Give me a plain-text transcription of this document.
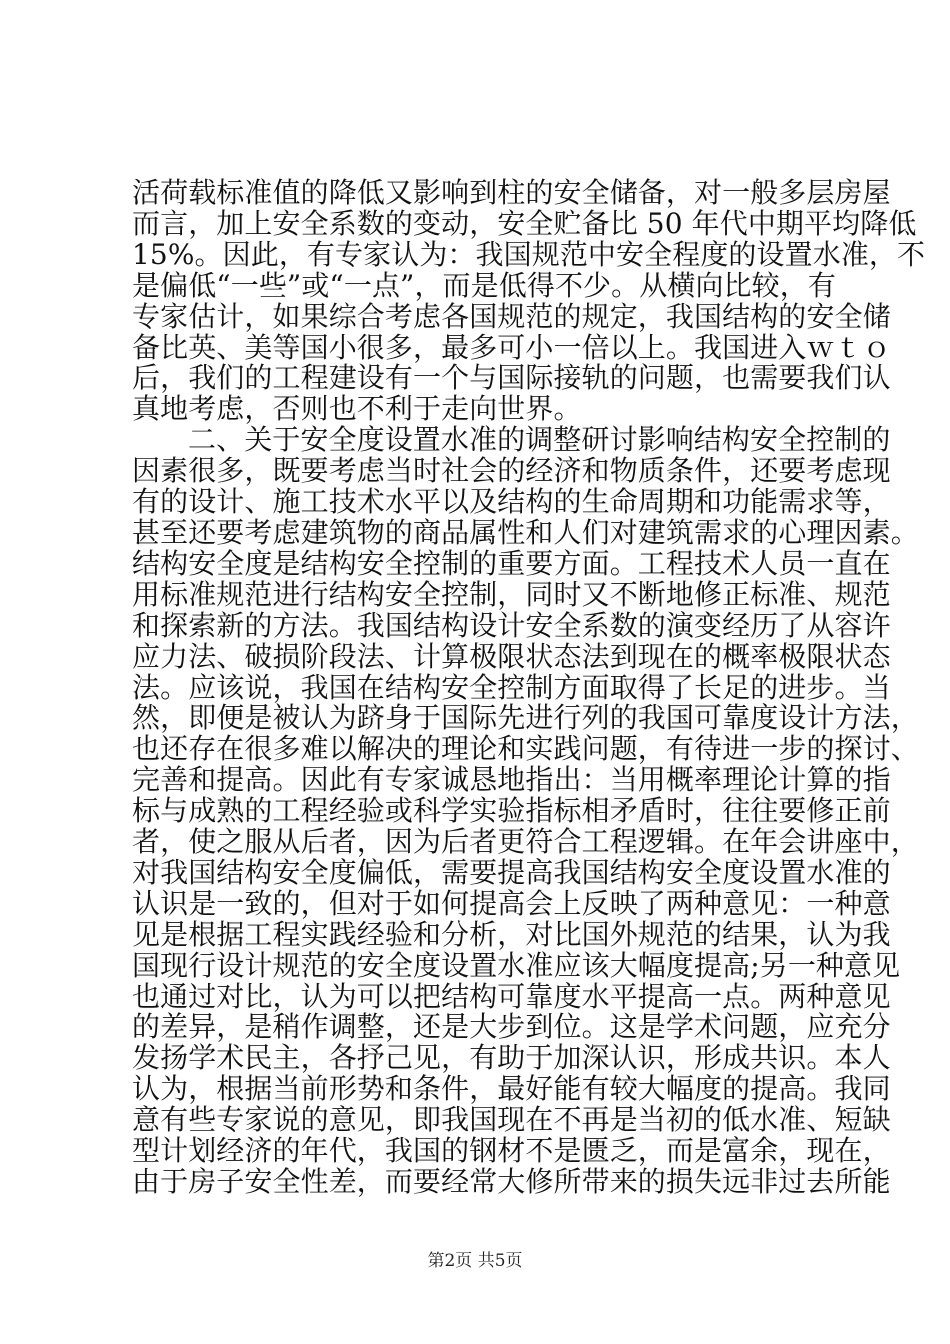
活荷载标准值的降低又影响到柱的安全储备，对一般多层房屋
而言，加上安全系数的变动，安全贮备比 50 年代中期平均降低
15%。因此，有专家认为：我国规范中安全程度的设置水准，不
是偏低“一些”或“一点”，而是低得不少。从横向比较，有
专家估计，如果综合考虑各国规范的规定，我国结构的安全储
备比英、美等国小很多，最多可小一倍以上。我国进入ｗｔｏ
后，我们的工程建设有一个与国际接轨的问题，也需要我们认
真地考虑，否则也不利于走向世界。
二、关于安全度设置水准的调整研讨影响结构安全控制的
因素很多，既要考虑当时社会的经济和物质条件，还要考虑现
有的设计、施工技术水平以及结构的生命周期和功能需求等，
甚至还要考虑建筑物的商品属性和人们对建筑需求的心理因素。
结构安全度是结构安全控制的重要方面。工程技术人员一直在
用标准规范进行结构安全控制，同时又不断地修正标准、规范
和探索新的方法。我国结构设计安全系数的演变经历了从容许
应力法、破损阶段法、计算极限状态法到现在的概率极限状态
法。应该说，我国在结构安全控制方面取得了长足的进步。当
然，即便是被认为跻身于国际先进行列的我国可靠度设计方法，
也还存在很多难以解决的理论和实践问题，有待进一步的探讨、
完善和提高。因此有专家诚恳地指出：当用概率理论计算的指
标与成熟的工程经验或科学实验指标相矛盾时，往往要修正前
者，使之服从后者，因为后者更符合工程逻辑。在年会讲座中，
对我国结构安全度偏低，需要提高我国结构安全度设置水准的
认识是一致的，但对于如何提高会上反映了两种意见：一种意
见是根据工程实践经验和分析，对比国外规范的结果，认为我
国现行设计规范的安全度设置水准应该大幅度提高;另一种意见
也通过对比，认为可以把结构可靠度水平提高一点。两种意见
的差异，是稍作调整，还是大步到位。这是学术问题，应充分
发扬学术民主，各抒己见，有助于加深认识，形成共识。本人
认为，根据当前形势和条件，最好能有较大幅度的提高。我同
意有些专家说的意见，即我国现在不再是当初的低水准、短缺
型计划经济的年代，我国的钢材不是匮乏，而是富余，现在，
由于房子安全性差，而要经常大修所带来的损失远非过去所能
第2页 共5页
